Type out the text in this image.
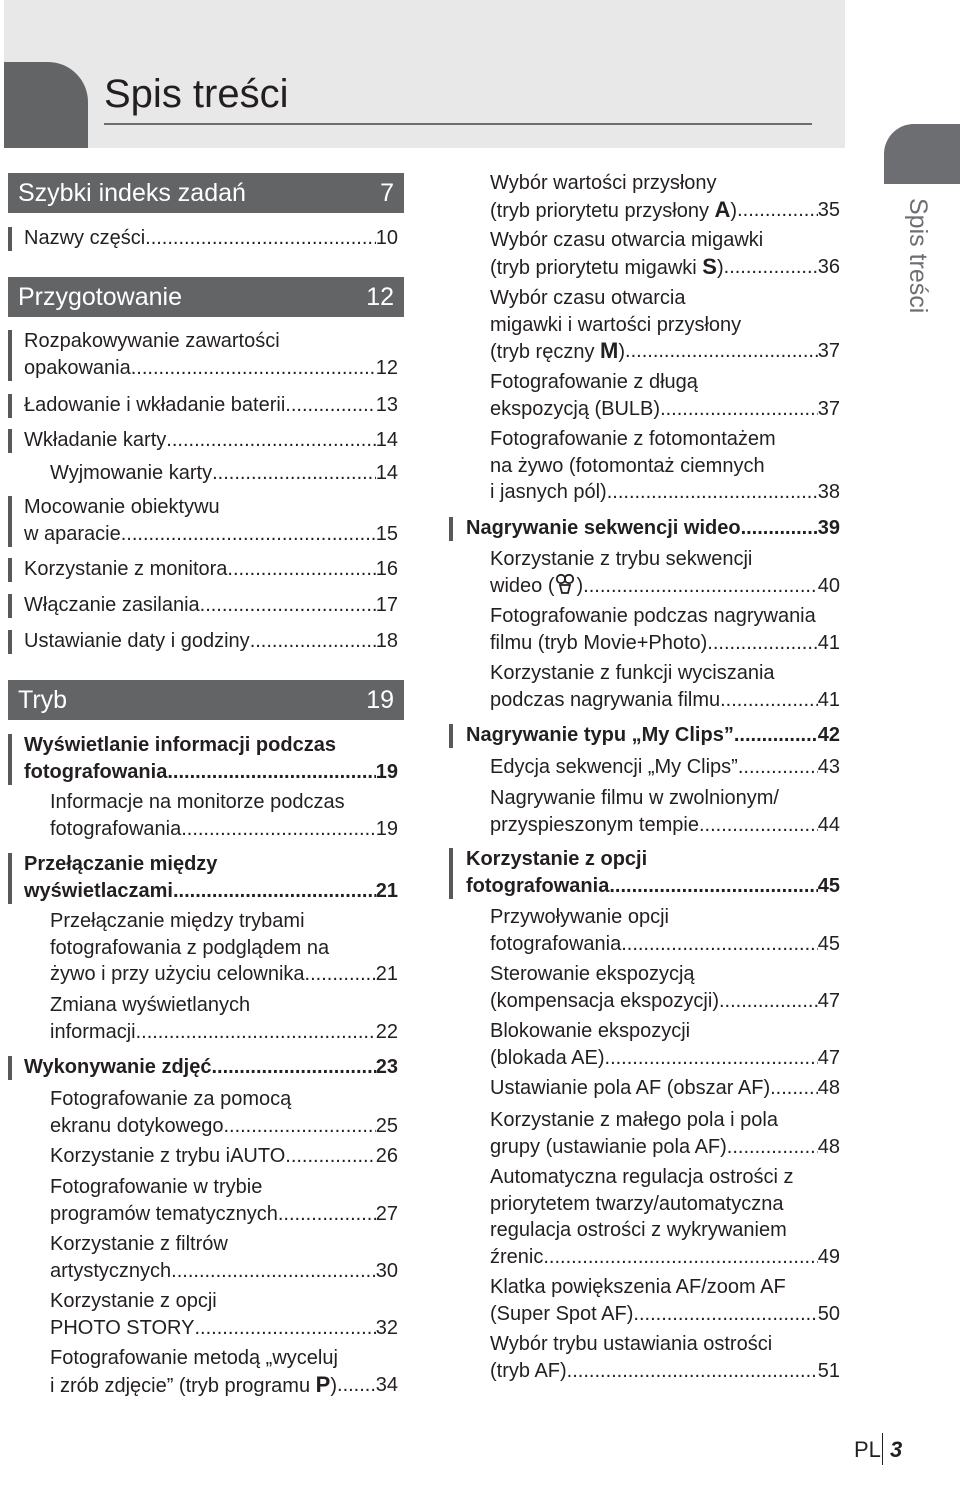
Spis treści
Spis treści
Szybki indeks zadań	7
Przygotowanie	12
Tryb	19
Nazwy części .....	10
Rozpakowywanie zawartości
opakowania .....	12
Ładowanie i wkładanie baterii .....	13
Wkładanie karty .....	14
Wyjmowanie karty .....	14
Mocowanie obiektywu
w aparacie .....	15
Korzystanie z monitora .....	16
Włączanie zasilania .....	17
Ustawianie daty i godziny .....	18
Wyświetlanie informacji podczas
fotografowania .....	19
Informacje na monitorze podczas
fotografowania .....	19
Przełączanie między
wyświetlaczami .....	21
Przełączanie między trybami
fotografowania z podglądem na
żywo i przy użyciu celownika .....	21
Zmiana wyświetlanych
informacji .....	22
Wykonywanie zdjęć .....	23
Fotografowanie za pomocą
ekranu dotykowego .....	25
Korzystanie z trybu iAUTO .....	26
Fotografowanie w trybie
programów tematycznych .....	27
Korzystanie z filtrów
artystycznych .....	30
Korzystanie z opcji
PHOTO STORY .....	32
Fotografowanie metodą „wyceluj
i zrób zdjęcie” (tryb programu P) ..... 34
Wybór wartości przysłony
(tryb priorytetu przysłony A) .....	35
Wybór czasu otwarcia migawki
(tryb priorytetu migawki S) .....	36
Wybór czasu otwarcia
migawki i wartości przysłony
(tryb ręczny M) .....	37
Fotografowanie z długą
ekspozycją (BULB) .....	37
Fotografowanie z fotomontażem
na żywo (fotomontaż ciemnych
i jasnych pól) .....	38
Nagrywanie sekwencji wideo .....	39
Korzystanie z trybu sekwencji
wideo ( ) .....	40
Fotografowanie podczas nagrywania
filmu (tryb Movie+Photo) .....	41
Korzystanie z funkcji wyciszania
podczas nagrywania filmu .....	41
Nagrywanie typu „My Clips” .....	42
Edycja sekwencji „My Clips” .....	43
Nagrywanie filmu w zwolnionym/
przyspieszonym tempie .....	44
Korzystanie z opcji
fotografowania .....	45
Przywoływanie opcji
fotografowania .....	45
Sterowanie ekspozycją
(kompensacja ekspozycji) .....	47
Blokowanie ekspozycji
(blokada AE) .....	47
Ustawianie pola AF (obszar AF) ..... 48
Korzystanie z małego pola i pola
grupy (ustawianie pola AF) .....	48
Automatyczna regulacja ostrości z
priorytetem twarzy/automatyczna
regulacja ostrości z wykrywaniem
źrenic .....	49
Klatka powiększenia AF/zoom AF
(Super Spot AF) .....	50
Wybór trybu ustawiania ostrości
(tryb AF) .....	51
PL 3
